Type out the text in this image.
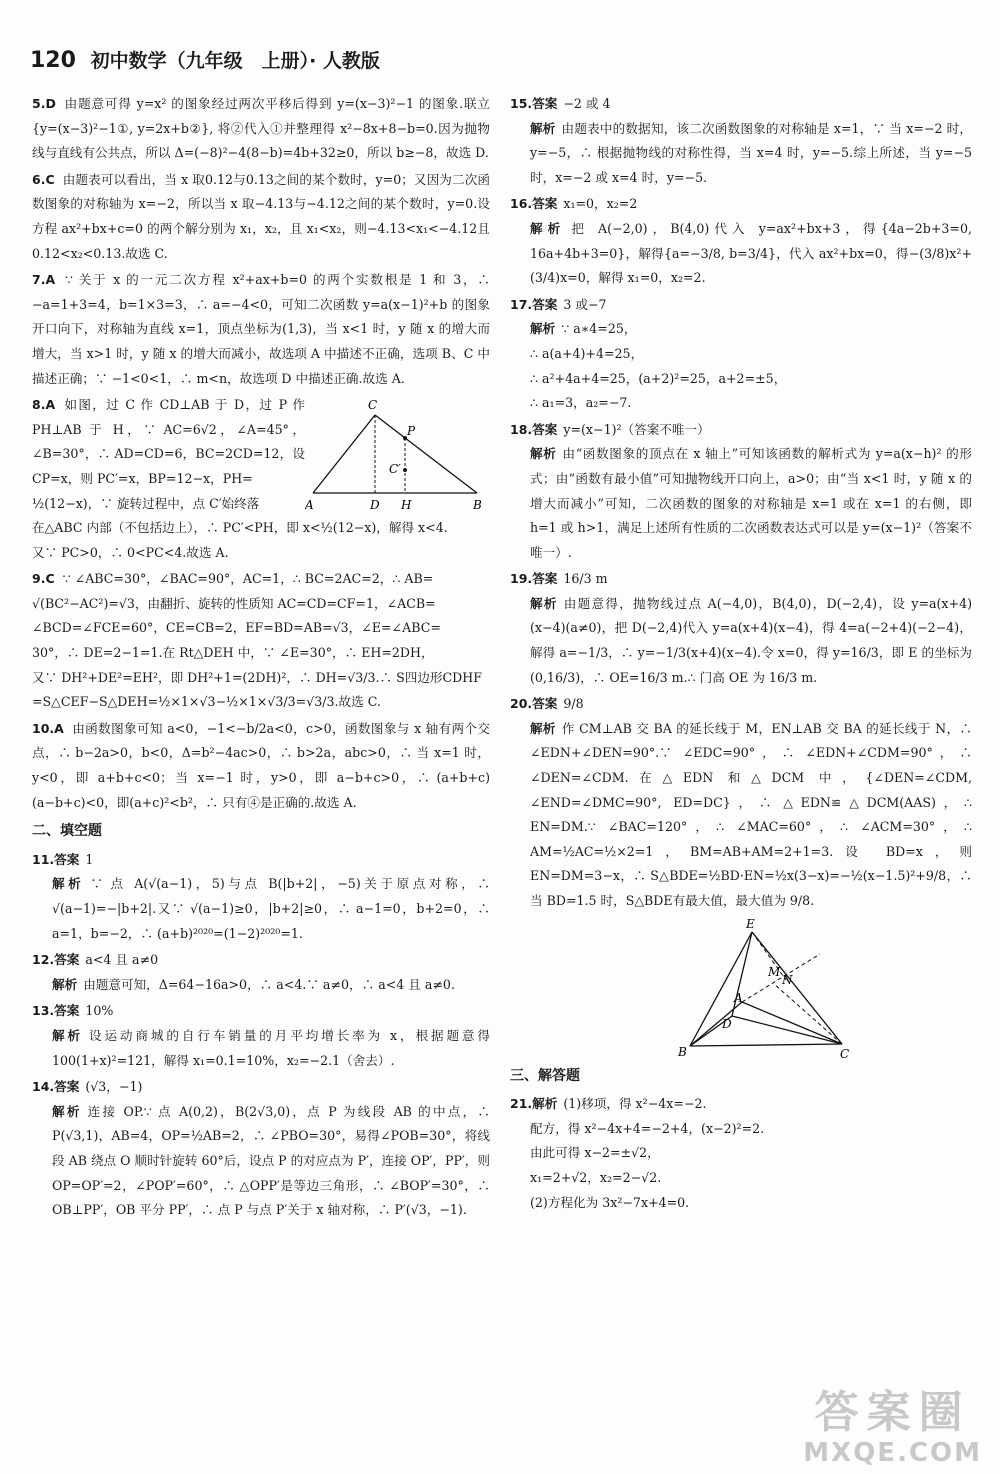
120 初中数学（九年级　上册）· 人教版
5.D 由题意可得 y=x² 的图象经过两次平移后得到 y=(x−3)²−1 的图象.联立{y=(x−3)²−1①, y=2x+b②}, 将②代入①并整理得 x²−8x+8−b=0.因为抛物线与直线有公共点，所以 Δ=(−8)²−4(8−b)=4b+32≥0，所以 b≥−8，故选 D.
6.C 由题表可以看出，当 x 取0.12与0.13之间的某个数时，y=0；又因为二次函数图象的对称轴为 x=−2，所以当 x 取−4.13与−4.12之间的某个数时，y=0.设方程 ax²+bx+c=0 的两个解分别为 x₁，x₂，且 x₁<x₂，则−4.13<x₁<−4.12且0.12<x₂<0.13.故选 C.
7.A ∵ 关于 x 的一元二次方程 x²+ax+b=0 的两个实数根是 1 和 3，∴ −a=1+3=4，b=1×3=3，∴ a=−4<0，可知二次函数 y=a(x−1)²+b 的图象开口向下，对称轴为直线 x=1，顶点坐标为(1,3)，当 x<1 时，y 随 x 的增大而增大，当 x>1 时，y 随 x 的增大而减小，故选项 A 中描述不正确，选项 B、C 中描述正确；∵ −1<0<1，∴ m<n，故选项 D 中描述正确.故选 A.
8.A 如图，过 C 作 CD⊥AB 于 D，过 P 作 PH⊥AB 于 H，∵ AC=6√2，∠A=45°，∠B=30°，∴ AD=CD=6，BC=2CD=12，设 CP=x，则 PC′=x，BP=12−x，PH=
½(12−x)，∵ 旋转过程中，点 C′始终落
C
P
C′
A	D H	B
在△ABC 内部（不包括边上），∴ PC′<PH，即 x<½(12−x)，解得 x<4.
又∵ PC>0，∴ 0<PC<4.故选 A.
9.C ∵ ∠ABC=30°，∠BAC=90°，AC=1，∴ BC=2AC=2，∴ AB=
√(BC²−AC²)=√3，由翻折、旋转的性质知 AC=CD=CF=1，∠ACB=
∠BCD=∠FCE=60°，CE=CB=2，EF=BD=AB=√3，∠E=∠ABC=
30°，∴ DE=2−1=1.在 Rt△DEH 中，∵ ∠E=30°，∴ EH=2DH，
又∵ DH²+DE²=EH²，即 DH²+1=(2DH)²，∴ DH=√3/3.∴ S四边形CDHF
=S△CEF−S△DEH=½×1×√3−½×1×√3/3=√3/3.故选 C.
10.A 由函数图象可知 a<0，−1<−b/2a<0，c>0，函数图象与 x 轴有两个交点，∴ b−2a>0，b<0，Δ=b²−4ac>0，∴ b>2a，abc>0，∴ 当 x=1 时，y<0，即 a+b+c<0；当 x=−1 时，y>0，即 a−b+c>0，∴ (a+b+c)(a−b+c)<0，即(a+c)²<b²，∴ 只有④是正确的.故选 A.
二、填空题
11.答案 1
解析 ∵ 点 A(√(a−1)，5)与点 B(|b+2|，−5)关于原点对称，∴ √(a−1)=−|b+2|.又∵ √(a−1)≥0，|b+2|≥0，∴ a−1=0，b+2=0，∴ a=1，b=−2，∴ (a+b)²⁰²⁰=(1−2)²⁰²⁰=1.
12.答案 a<4 且 a≠0
解析 由题意可知，Δ=64−16a>0，∴ a<4.∵ a≠0，∴ a<4 且 a≠0.
13.答案 10%
解析 设运动商城的自行车销量的月平均增长率为 x，根据题意得 100(1+x)²=121，解得 x₁=0.1=10%，x₂=−2.1（舍去）.
14.答案 (√3，−1)
解析 连接 OP.∵ 点 A(0,2)，B(2√3,0)，点 P 为线段 AB 的中点，∴ P(√3,1)，AB=4，OP=½AB=2，∴ ∠PBO=30°，易得∠POB=30°，将线段 AB 绕点 O 顺时针旋转 60°后，设点 P 的对应点为 P′，连接 OP′，PP′，则 OP=OP′=2，∠POP′=60°，∴ △OPP′是等边三角形，∴ ∠BOP′=30°，∴ OB⊥PP′，OB 平分 PP′，∴ 点 P 与点 P′关于 x 轴对称，∴ P′(√3，−1).
15.答案 −2 或 4
解析 由题表中的数据知，该二次函数图象的对称轴是 x=1，∵ 当 x=−2 时，y=−5，∴ 根据抛物线的对称性得，当 x=4 时，y=−5.综上所述，当 y=−5 时，x=−2 或 x=4 时，y=−5.
16.答案 x₁=0，x₂=2
解析 把 A(−2,0)，B(4,0)代入 y=ax²+bx+3，得{4a−2b+3=0, 16a+4b+3=0}，解得{a=−3/8, b=3/4}，代入 ax²+bx=0，得−(3/8)x²+(3/4)x=0，解得 x₁=0，x₂=2.
17.答案 3 或−7
解析 ∵ a∗4=25，
∴ a(a+4)+4=25，
∴ a²+4a+4=25，(a+2)²=25，a+2=±5，
∴ a₁=3，a₂=−7.
18.答案 y=(x−1)²（答案不唯一）
解析 由“函数图象的顶点在 x 轴上”可知该函数的解析式为 y=a(x−h)² 的形式；由“函数有最小值”可知抛物线开口向上，a>0；由“当 x<1 时，y 随 x 的增大而减小”可知，二次函数的图象的对称轴是 x=1 或在 x=1 的右侧，即 h=1 或 h>1，满足上述所有性质的二次函数表达式可以是 y=(x−1)²（答案不唯一）.
19.答案 16/3 m
解析 由题意得，抛物线过点 A(−4,0)，B(4,0)，D(−2,4)，设 y=a(x+4)(x−4)(a≠0)，把 D(−2,4)代入 y=a(x+4)(x−4)，得 4=a(−2+4)(−2−4)，解得 a=−1/3，∴ y=−1/3(x+4)(x−4).令 x=0，得 y=16/3，即 E 的坐标为(0,16/3)，∴ OE=16/3 m.∴ 门高 OE 为 16/3 m.
20.答案 9/8
解析 作 CM⊥AB 交 BA 的延长线于 M，EN⊥AB 交 BA 的延长线于 N，∴ ∠EDN+∠DEN=90°.∵ ∠EDC=90°，∴ ∠EDN+∠CDM=90°，∴ ∠DEN=∠CDM.在△EDN 和△DCM 中，{∠DEN=∠CDM, ∠END=∠DMC=90°, ED=DC}，∴ △EDN≌△DCM(AAS)，∴ EN=DM.∵ ∠BAC=120°，∴ ∠MAC=60°，∴ ∠ACM=30°，∴ AM=½AC=½×2=1，BM=AB+AM=2+1=3.设 BD=x，则 EN=DM=3−x，∴ S△BDE=½BD·EN=½x(3−x)=−½(x−1.5)²+9/8，∴ 当 BD=1.5 时，S△BDE有最大值，最大值为 9/8.
E
M
N
A
D
B	C
三、解答题
21.解析 (1)移项，得 x²−4x=−2.
配方，得 x²−4x+4=−2+4，(x−2)²=2.
由此可得 x−2=±√2，
x₁=2+√2，x₂=2−√2.
(2)方程化为 3x²−7x+4=0.
答案圈
MXQE.COM
